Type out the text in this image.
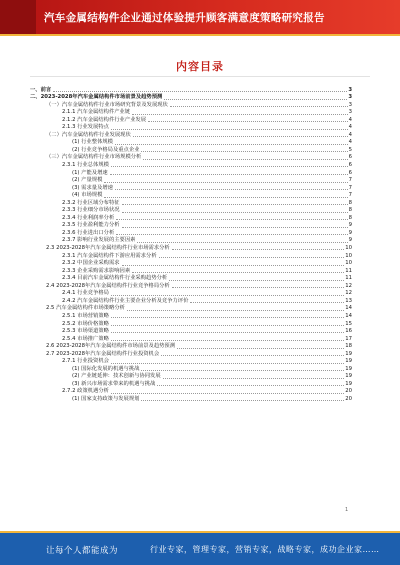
汽车金属结构件企业通过体验提升顾客满意度策略研究报告
内容目录
一、前言	3
二、2023-2028年汽车金属结构件市场前景及趋势预测	3
（一）汽车金属结构件行业市场研究背景及发展现状	3
2.1.1 汽车金属结构件产业链	3
2.1.2 汽车金属结构件行业产业发展	4
2.1.3 行业发展特点	4
（二）汽车金属结构件行业发展现状	4
(1) 行业整体规模	4
(2) 行业竞争格局及重点企业	5
（三）汽车金属结构件行业市场规模分析	6
2.3.1 行业总体规模	6
(1) 产能及增速	6
(2) 产量规模	7
(3) 需求量及增速	7
(4) 市场规模	7
2.3.2 行业区域分布特征	8
2.3.3 行业细分市场状况	8
2.3.4 行业利润率分析	8
2.3.5 行业盈利能力分析	9
2.3.6 行业进出口分析	9
2.3.7 影响行业发展的主要因素	9
2.3 2023-2028年汽车金属结构件行业市场需求分析	10
2.3.1 汽车金属结构件下游应用需求分析	10
2.3.2 中国企业采购需求	10
2.3.3 企业采购需求影响因素	11
2.3.4 目前汽车金属结构件行业采购趋势分析	11
2.4 2023-2028年汽车金属结构件行业竞争格局分析	12
2.4.1 行业竞争格局	12
2.4.2 汽车金属结构件行业主要企业分析及竞争力评价	13
2.5 汽车金属结构件市场策略分析	14
2.5.1 市场营销策略	14
2.5.2 市场价格策略	15
2.5.3 市场渠道策略	16
2.5.4 市场推广策略	17
2.6 2023-2028年汽车金属结构件市场前景及趋势预测	18
2.7 2023-2028年汽车金属结构件行业投资机会	19
2.7.1 行业投资机会	19
(1) 国际化发展的机遇与挑战	19
(2) 产业链延伸：技术创新与协同发展	19
(3) 新兴市场需求带来的机遇与挑战	19
2.7.2 政策机遇分析	20
(1) 国家支持政策与发展规划	20
1
让每个人都能成为	行业专家，管理专家，营销专家，战略专家，成功企业家……
